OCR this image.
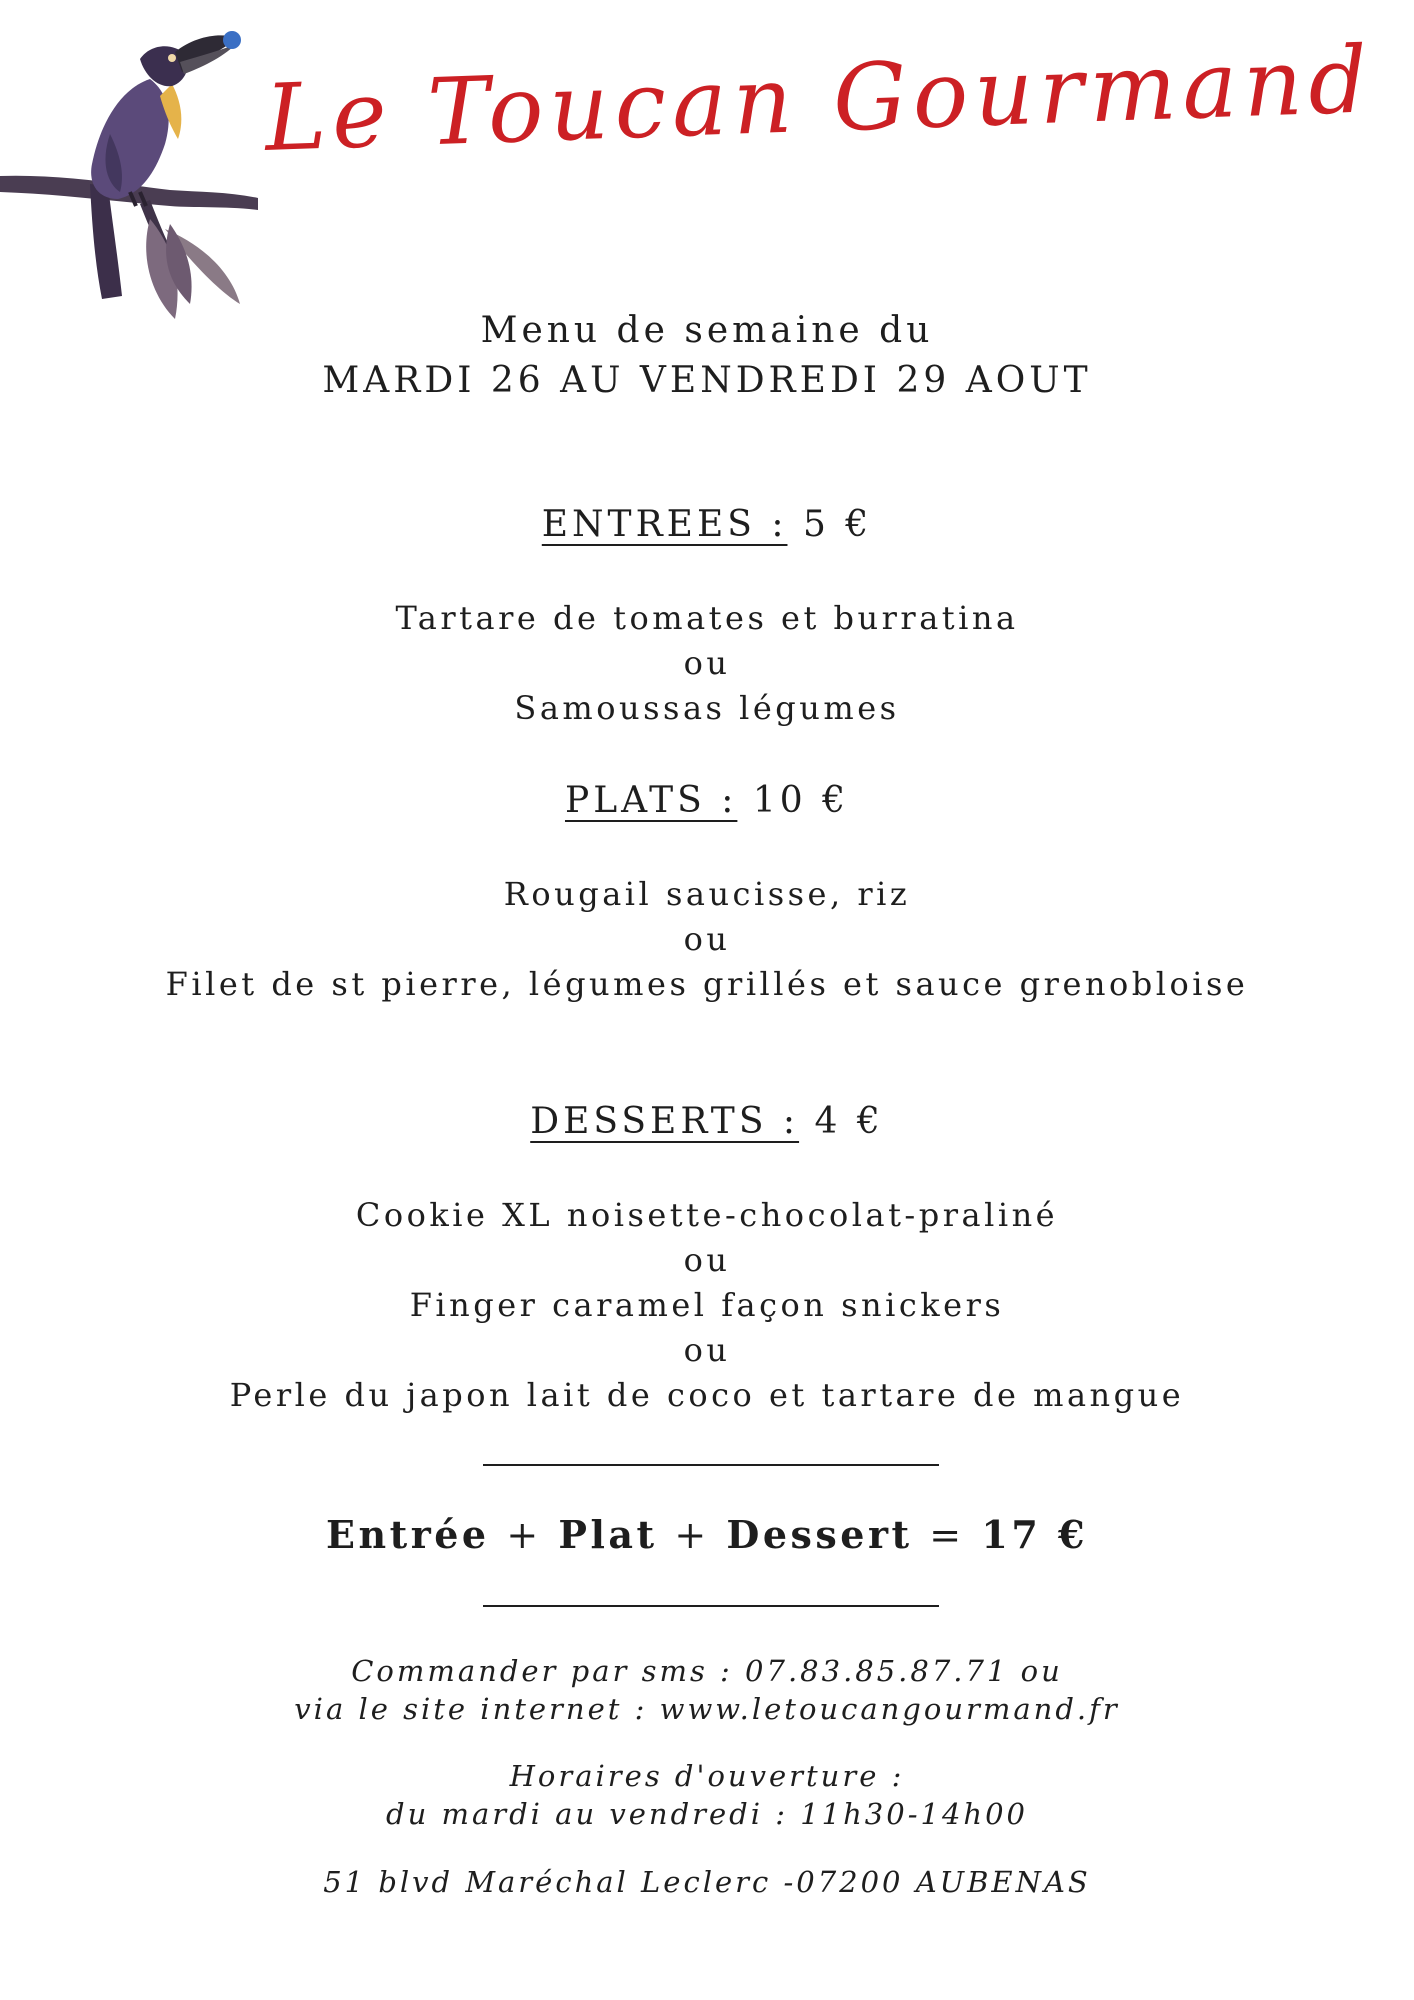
Le Toucan Gourmand
Menu de semaine du
MARDI 26 AU VENDREDI 29 AOUT
ENTREES : 5 €
Tartare de tomates et burratina
ou
Samoussas légumes
PLATS : 10 €
Rougail saucisse, riz
ou
Filet de st pierre, légumes grillés et sauce grenobloise
DESSERTS : 4 €
Cookie XL noisette-chocolat-praliné
ou
Finger caramel façon snickers
ou
Perle du japon lait de coco et tartare de mangue
Entrée + Plat + Dessert = 17 €
Commander par sms : 07.83.85.87.71 ou
via le site internet : www.letoucangourmand.fr
Horaires d'ouverture :
du mardi au vendredi : 11h30-14h00
51 blvd Maréchal Leclerc -07200 AUBENAS
